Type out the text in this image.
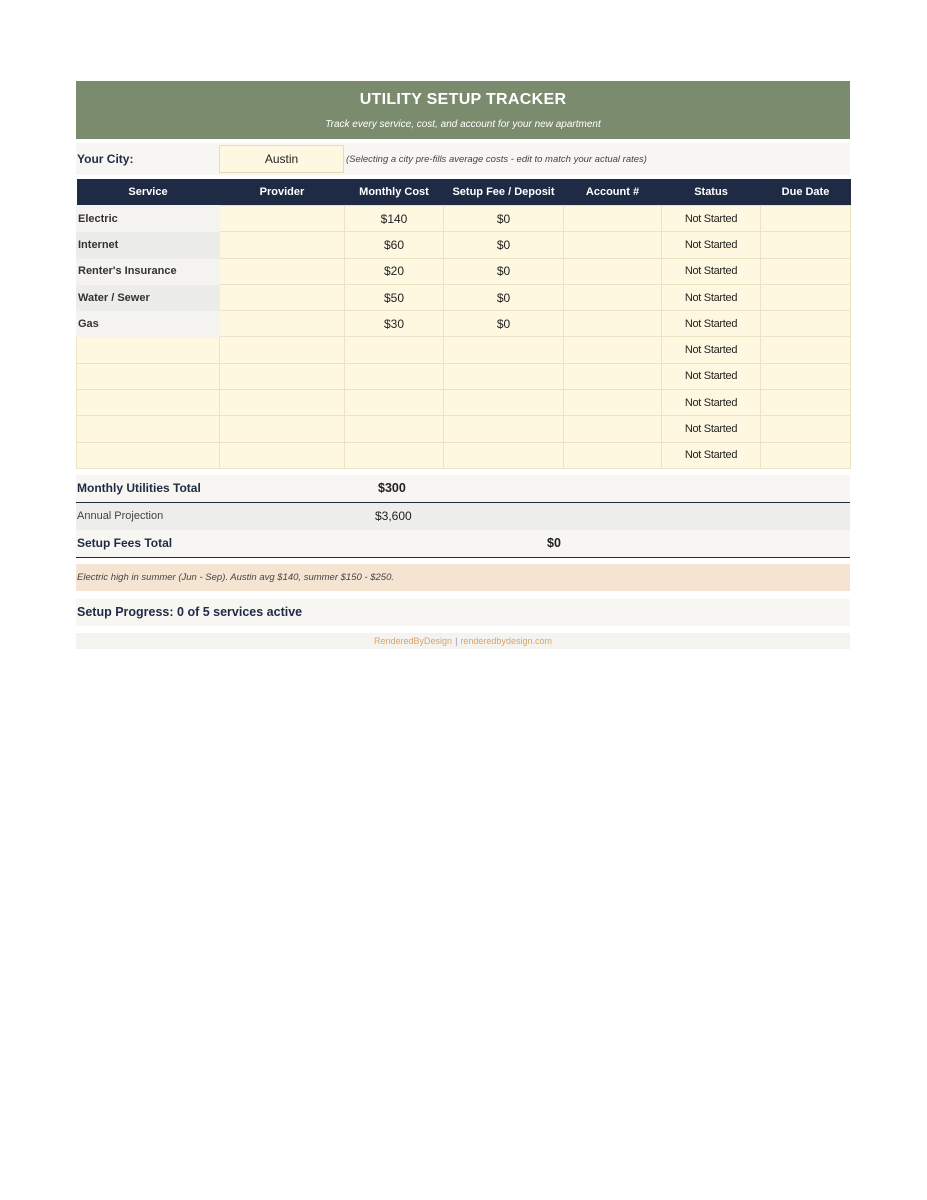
UTILITY SETUP TRACKER
Track every service, cost, and account for your new apartment
Your City:	Austin	(Selecting a city pre-fills average costs - edit to match your actual rates)
Service	Provider	Monthly Cost	Setup Fee / Deposit	Account #	Status	Due Date
Electric		$140	$0		Not Started	
Internet		$60	$0		Not Started	
Renter's Insurance		$20	$0		Not Started	
Water / Sewer		$50	$0		Not Started	
Gas		$30	$0		Not Started	
					Not Started	
					Not Started	
					Not Started	
					Not Started	
					Not Started	
Monthly Utilities Total	$300
Annual Projection	$3,600
Setup Fees Total	$0
Electric high in summer (Jun - Sep). Austin avg $140, summer $150 - $250.
Setup Progress: 0 of 5 services active
RenderedByDesign | renderedbydesign.com
